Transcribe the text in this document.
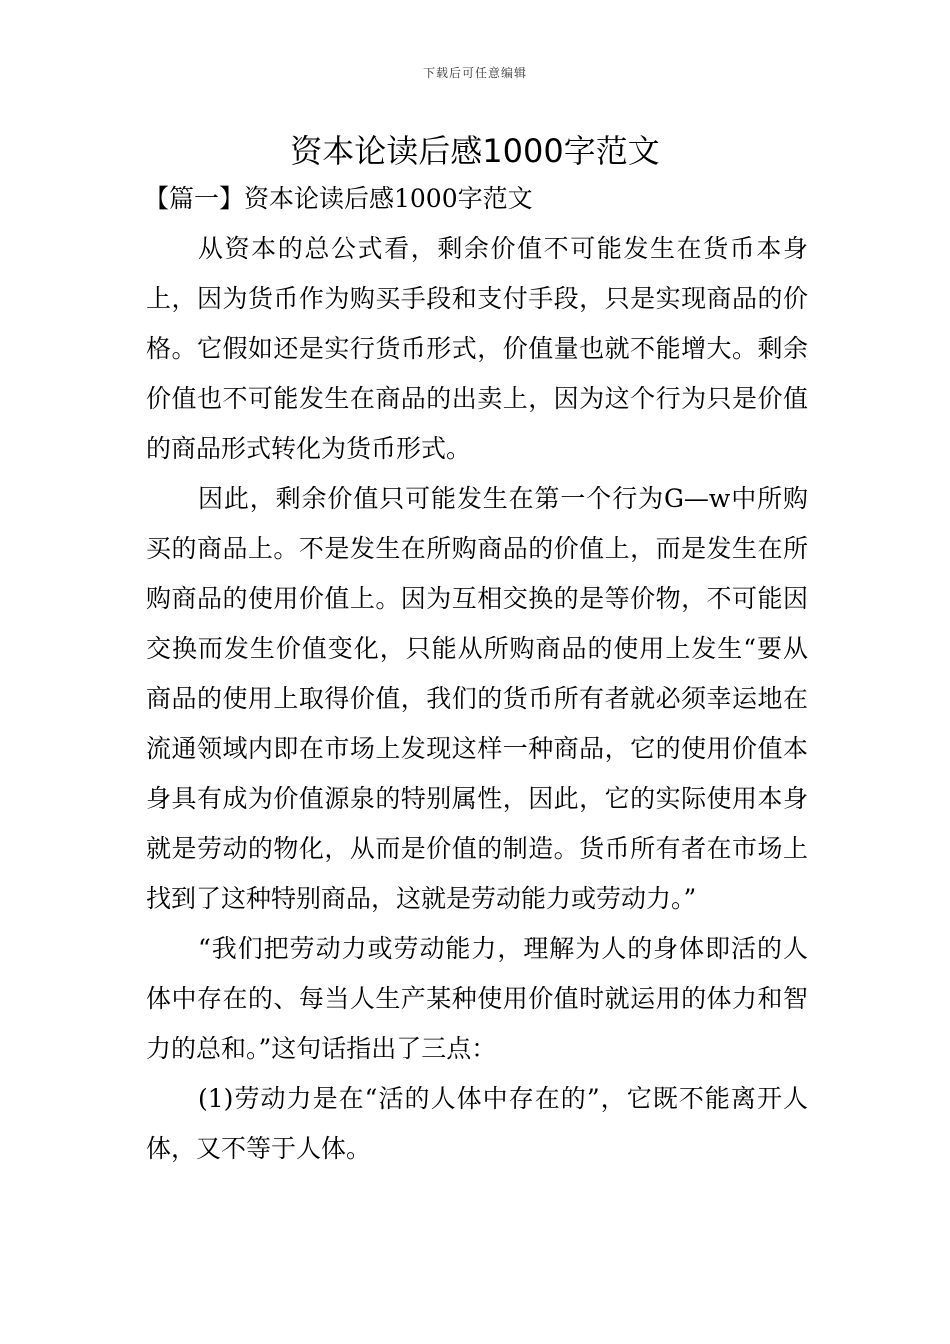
下载后可任意编辑
资本论读后感1000字范文
【篇一】资本论读后感1000字范文

从资本的总公式看，剩余价值不可能发生在货币本身上，因为货币作为购买手段和支付手段，只是实现商品的价格。它假如还是实行货币形式，价值量也就不能增大。剩余价值也不可能发生在商品的出卖上，因为这个行为只是价值的商品形式转化为货币形式。

因此，剩余价值只可能发生在第一个行为G—w中所购买的商品上。不是发生在所购商品的价值上，而是发生在所购商品的使用价值上。因为互相交换的是等价物，不可能因交换而发生价值变化，只能从所购商品的使用上发生“要从商品的使用上取得价值，我们的货币所有者就必须幸运地在流通领域内即在市场上发现这样一种商品，它的使用价值本身具有成为价值源泉的特别属性，因此，它的实际使用本身就是劳动的物化，从而是价值的制造。货币所有者在市场上找到了这种特别商品，这就是劳动能力或劳动力。”

“我们把劳动力或劳动能力，理解为人的身体即活的人体中存在的、每当人生产某种使用价值时就运用的体力和智力的总和。”这句话指出了三点：

(1)劳动力是在“活的人体中存在的”，它既不能离开人体，又不等于人体。
